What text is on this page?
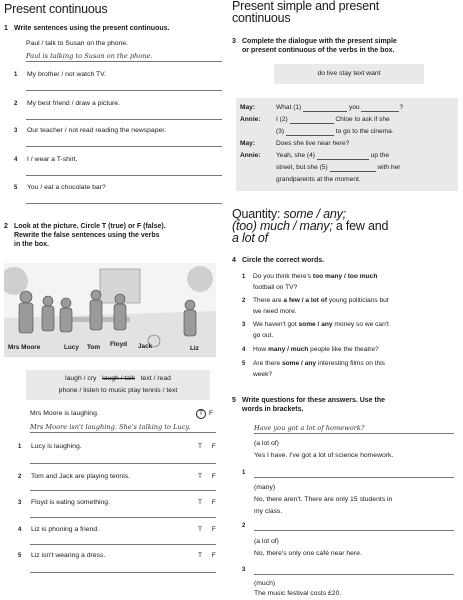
Present continuous
1 Write sentences using the present continuous.
Paul / talk to Susan on the phone.
Paul is talking to Susan on the phone.
1 My brother / not watch TV.
2 My best friend / draw a picture.
3 Our teacher / not read reading the newspaper.
4 I / wear a T-shirt.
5 You / eat a chocolate bar?
2 Look at the picture. Circle T (true) or F (false).
Rewrite the false sentences using the verbs
in the box.
Mrs Moore	Lucy Tom Floyd Jack	Liz
laugh / cry laugh / talk text / read
phone / listen to music play tennis / text
Mrs Moore is laughing.	T F
Mrs Moore isn't laughing. She's talking to Lucy.
1 Lucy is laughing.	T F
2 Tom and Jack are playing tennis.	T F
3 Floyd is eating something.	T F
4 Liz is phoning a friend.	T F
5 Liz isn't wearing a dress.	T F
Present simple and present
continuous
3 Complete the dialogue with the present simple
or present continuous of the verbs in the box.
do live stay text want
May:	What (1)	you	?
Annie: I (2)	Chloe to ask if she
(3)	to go to the cinema.
May:	Does she live near here?
Annie: Yeah, she (4)	up the
street, but she (5)	with her
grandparents at the moment.
Quantity: some / any;
(too) much / many; a few and
a lot of
4 Circle the correct words.
1 Do you think there's too many / too much
football on TV?
2 There are a few / a lot of young politicians but
we need more.
3 We haven't got some / any money so we can't
go out.
4 How many / much people like the theatre?
5 Are there some / any interesting films on this
week?
5 Write questions for these answers. Use the
words in brackets.
Have you got a lot of homework?
(a lot of)
Yes I have. I've got a lot of science homework.
1
(many)
No, there aren't. There are only 15 students in
my class.
2
(a lot of)
No, there's only one café near here.
3
(much)
The music festival costs £20.
